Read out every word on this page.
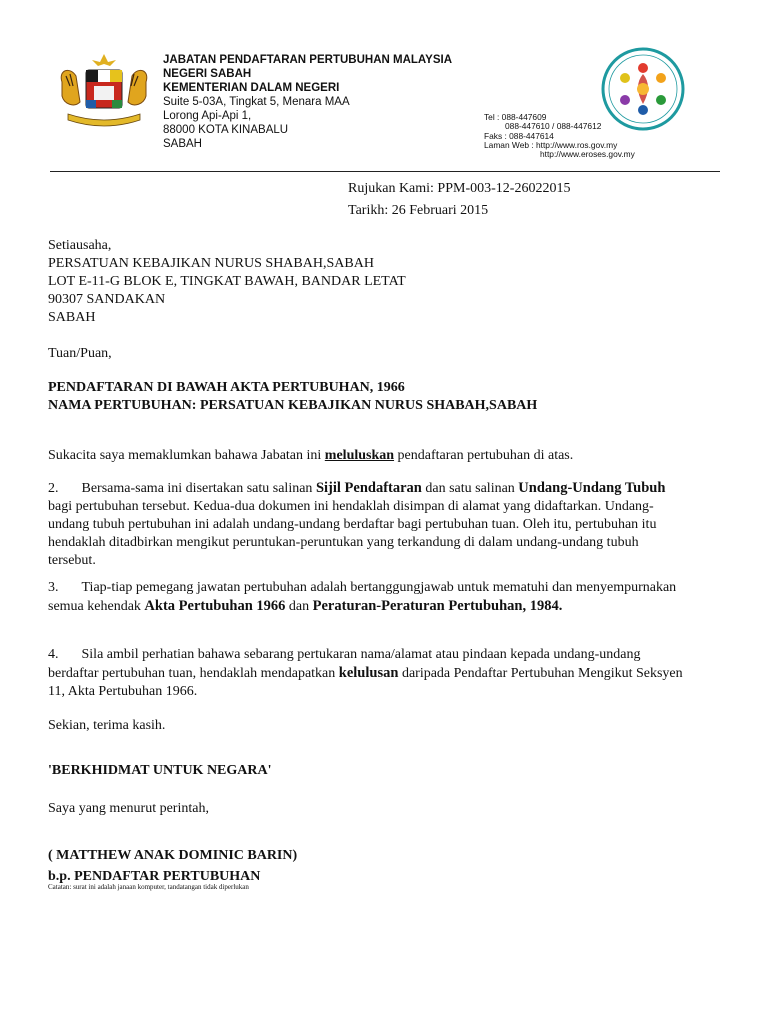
JABATAN PENDAFTARAN PERTUBUHAN MALAYSIA
NEGERI SABAH
KEMENTERIAN DALAM NEGERI
Suite 5-03A, Tingkat 5, Menara MAA
Lorong Api-Api 1,
88000 KOTA KINABALU
SABAH
Tel : 088-447609
088-447610 / 088-447612
Faks : 088-447614
Laman Web : http://www.ros.gov.my
http://www.eroses.gov.my
Rujukan Kami: PPM-003-12-26022015
Tarikh: 26 Februari 2015
Setiausaha,
PERSATUAN KEBAJIKAN NURUS SHABAH,SABAH
LOT E-11-G BLOK E, TINGKAT BAWAH, BANDAR LETAT
90307 SANDAKAN
SABAH
Tuan/Puan,
PENDAFTARAN DI BAWAH AKTA PERTUBUHAN, 1966
NAMA PERTUBUHAN: PERSATUAN KEBAJIKAN NURUS SHABAH,SABAH

Sukacita saya memaklumkan bahawa Jabatan ini meluluskan pendaftaran pertubuhan di atas.

2. Bersama-sama ini disertakan satu salinan Sijil Pendaftaran dan satu salinan Undang-Undang Tubuh bagi pertubuhan tersebut. Kedua-dua dokumen ini hendaklah disimpan di alamat yang didaftarkan. Undang-undang tubuh pertubuhan ini adalah undang-undang berdaftar bagi pertubuhan tuan. Oleh itu, pertubuhan itu hendaklah ditadbirkan mengikut peruntukan-peruntukan yang terkandung di dalam undang-undang tubuh tersebut.

3. Tiap-tiap pemegang jawatan pertubuhan adalah bertanggungjawab untuk mematuhi dan menyempurnakan semua kehendak Akta Pertubuhan 1966 dan Peraturan-Peraturan Pertubuhan, 1984.

4. Sila ambil perhatian bahawa sebarang pertukaran nama/alamat atau pindaan kepada undang-undang berdaftar pertubuhan tuan, hendaklah mendapatkan kelulusan daripada Pendaftar Pertubuhan Mengikut Seksyen 11, Akta Pertubuhan 1966.

Sekian, terima kasih.
'BERKHIDMAT UNTUK NEGARA'
Saya yang menurut perintah,
( MATTHEW ANAK DOMINIC BARIN)
b.p. PENDAFTAR PERTUBUHAN
Catatan: surat ini adalah janaan komputer, tandatangan tidak diperlukan
